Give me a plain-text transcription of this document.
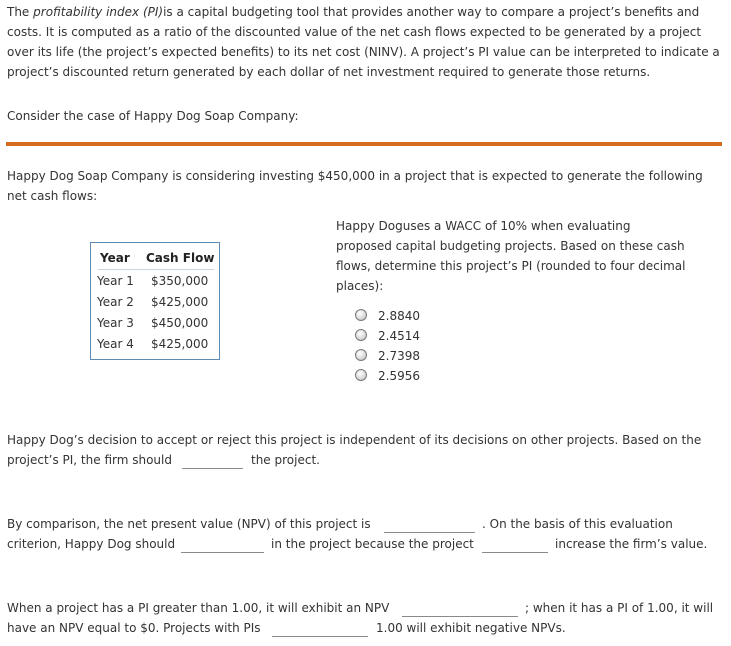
The profitability index (PI)is a capital budgeting tool that provides another way to compare a project’s benefits and costs. It is computed as a ratio of the discounted value of the net cash flows expected to be generated by a project over its life (the project’s expected benefits) to its net cost (NINV). A project’s PI value can be interpreted to indicate a project’s discounted return generated by each dollar of net investment required to generate those returns.
Consider the case of Happy Dog Soap Company:
Happy Dog Soap Company is considering investing $450,000 in a project that is expected to generate the following net cash flows:
Year Cash Flow
Year 1 $350,000
Year 2 $425,000
Year 3 $450,000
Year 4 $425,000
Happy Doguses a WACC of 10% when evaluating proposed capital budgeting projects. Based on these cash flows, determine this project’s PI (rounded to four decimal places):
2.8840
2.4514
2.7398
2.5956
Happy Dog’s decision to accept or reject this project is independent of its decisions on other projects. Based on the
project’s PI, the firm should	the project.
By comparison, the net present value (NPV) of this project is	. On the basis of this evaluation
criterion, Happy Dog should	in the project because the project	increase the firm’s value.
When a project has a PI greater than 1.00, it will exhibit an NPV	; when it has a PI of 1.00, it will
have an NPV equal to $0. Projects with PIs	1.00 will exhibit negative NPVs.
